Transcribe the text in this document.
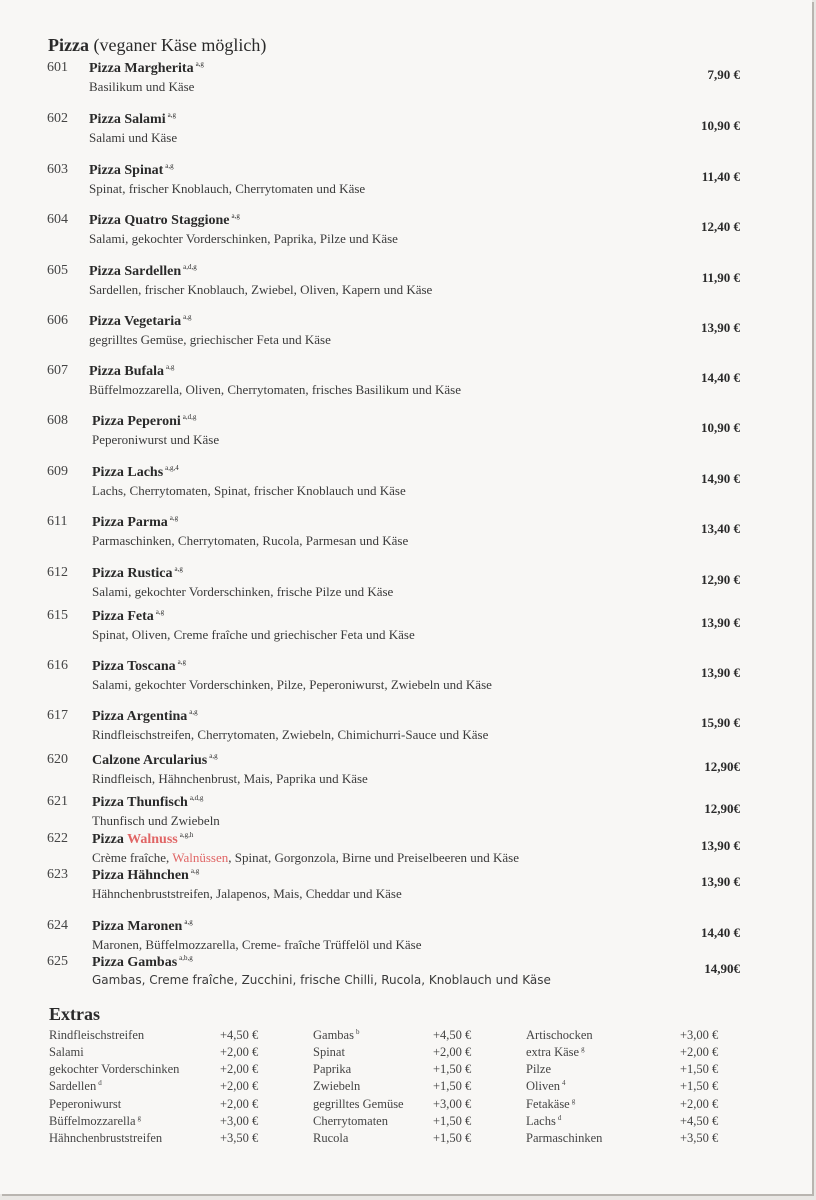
Pizza (veganer Käse möglich)
601 Pizza Margherita $^{a,g}$
Basilikum und Käse
7,90 €
602 Pizza Salami $^{a,g}$
Salami und Käse
10,90 €
603 Pizza Spinat $^{a,g}$
Spinat, frischer Knoblauch, Cherrytomaten und Käse
11,40 €
604 Pizza Quatro Staggione $^{a,g}$
Salami, gekochter Vorderschinken, Paprika, Pilze und Käse
12,40 €
605 Pizza Sardellen $^{a,d,g}$
Sardellen, frischer Knoblauch, Zwiebel, Oliven, Kapern und Käse
11,90 €
606 Pizza Vegetaria $^{a,g}$
gegrilltes Gemüse, griechischer Feta und Käse
13,90 €
607 Pizza Bufala $^{a,g}$
Büffelmozzarella, Oliven, Cherrytomaten, frisches Basilikum und Käse
14,40 €
608 Pizza Peperoni $^{a,d,g}$
Peperoniwurst und Käse
10,90 €
609 Pizza Lachs $^{a,g,4}$
Lachs, Cherrytomaten, Spinat, frischer Knoblauch und Käse
14,90 €
611 Pizza Parma $^{a,g}$
Parmaschinken, Cherrytomaten, Rucola, Parmesan und Käse
13,40 €
612 Pizza Rustica $^{a,g}$
Salami, gekochter Vorderschinken, frische Pilze und Käse
12,90 €
615 Pizza Feta $^{a,g}$
Spinat, Oliven, Creme fraîche und griechischer Feta und Käse
13,90 €
616 Pizza Toscana $^{a,g}$
Salami, gekochter Vorderschinken, Pilze, Peperoniwurst, Zwiebeln und Käse
13,90 €
617 Pizza Argentina $^{a,g}$
Rindfleischstreifen, Cherrytomaten, Zwiebeln, Chimichurri-Sauce und Käse
15,90 €
620 Calzone Arcularius $^{a,g}$
Rindfleisch, Hähnchenbrust, Mais, Paprika und Käse
12,90€
621 Pizza Thunfisch $^{a,d,g}$
Thunfisch und Zwiebeln
12,90€
623 Pizza Hähnchen $^{a,g}$
Hähnchenbruststreifen, Jalapenos, Mais, Cheddar und Käse
13,90 €
624 Pizza Maronen $^{a,g}$
Maronen, Büffelmozzarella, Creme- fraîche Trüffelöl und Käse
14,40 €
625 Pizza Gambas $^{a,b,g}$
Gambas, Creme fraîche, Zucchini, frische Chilli, Rucola, Knoblauch und Käse
14,90€
622 Pizza Walnuss $^{a,g,h}$
Crème fraîche, Walnüssen, Spinat, Gorgonzola, Birne und Preiselbeeren und Käse
13,90 €
Extras
Rindfleischstreifen	+4,50 €
Salami	+2,00 €
gekochter Vorderschinken	+2,00 €
Sardellen $^d$	+2,00 €
Peperoniwurst	+2,00 €
Büffelmozzarella $^g$	+3,00 €
Hähnchenbruststreifen	+3,50 €
Gambas $^b$	+4,50 €
Spinat	+2,00 €
Paprika	+1,50 €
Zwiebeln	+1,50 €
gegrilltes Gemüse +3,00 €
Cherrytomaten	+1,50 €
Rucola	+1,50 €
Artischocken	+3,00 €
extra Käse $^g$	+2,00 €
Pilze	+1,50 €
Oliven $^4$	+1,50 €
Fetakäse $^g$	+2,00 €
Lachs $^d$	+4,50 €
Parmaschinken	+3,50 €
